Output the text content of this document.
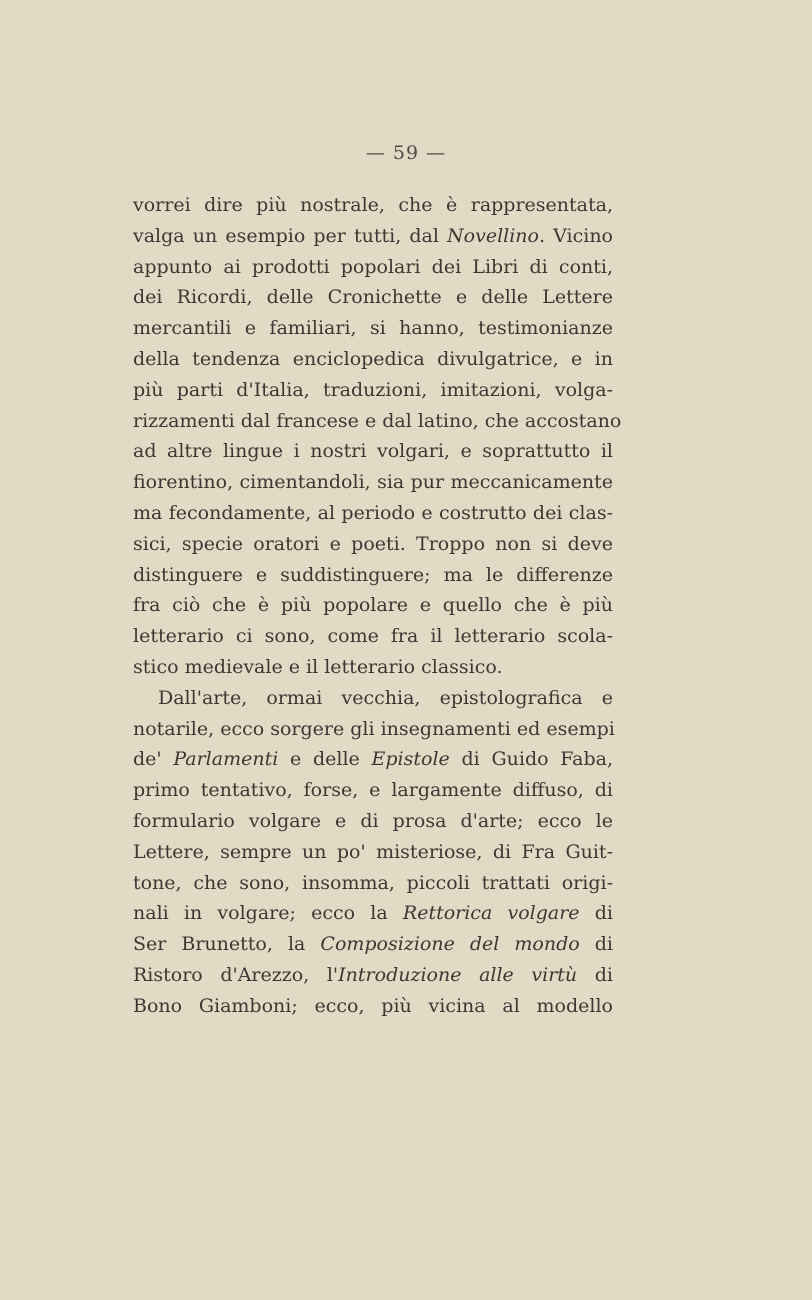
— 59 —
vorrei dire più nostrale, che è rappresentata,
valga un esempio per tutti, dal Novellino. Vicino
appunto ai prodotti popolari dei Libri di conti,
dei Ricordi, delle Cronichette e delle Lettere
mercantili e familiari, si hanno, testimonianze
della tendenza enciclopedica divulgatrice, e in
più parti d'Italia, traduzioni, imitazioni, volga-
rizzamenti dal francese e dal latino, che accostano
ad altre lingue i nostri volgari, e soprattutto il
fiorentino, cimentandoli, sia pur meccanicamente
ma fecondamente, al periodo e costrutto dei clas-
sici, specie oratori e poeti. Troppo non si deve
distinguere e suddistinguere; ma le differenze
fra ciò che è più popolare e quello che è più
letterario ci sono, come fra il letterario scola-
stico medievale e il letterario classico.
Dall'arte, ormai vecchia, epistolografica e
notarile, ecco sorgere gli insegnamenti ed esempi
de' Parlamenti e delle Epistole di Guido Faba,
primo tentativo, forse, e largamente diffuso, di
formulario volgare e di prosa d'arte; ecco le
Lettere, sempre un po' misteriose, di Fra Guit-
tone, che sono, insomma, piccoli trattati origi-
nali in volgare; ecco la Rettorica volgare di
Ser Brunetto, la Composizione del mondo di
Ristoro d'Arezzo, l'Introduzione alle virtù di
Bono Giamboni; ecco, più vicina al modello
